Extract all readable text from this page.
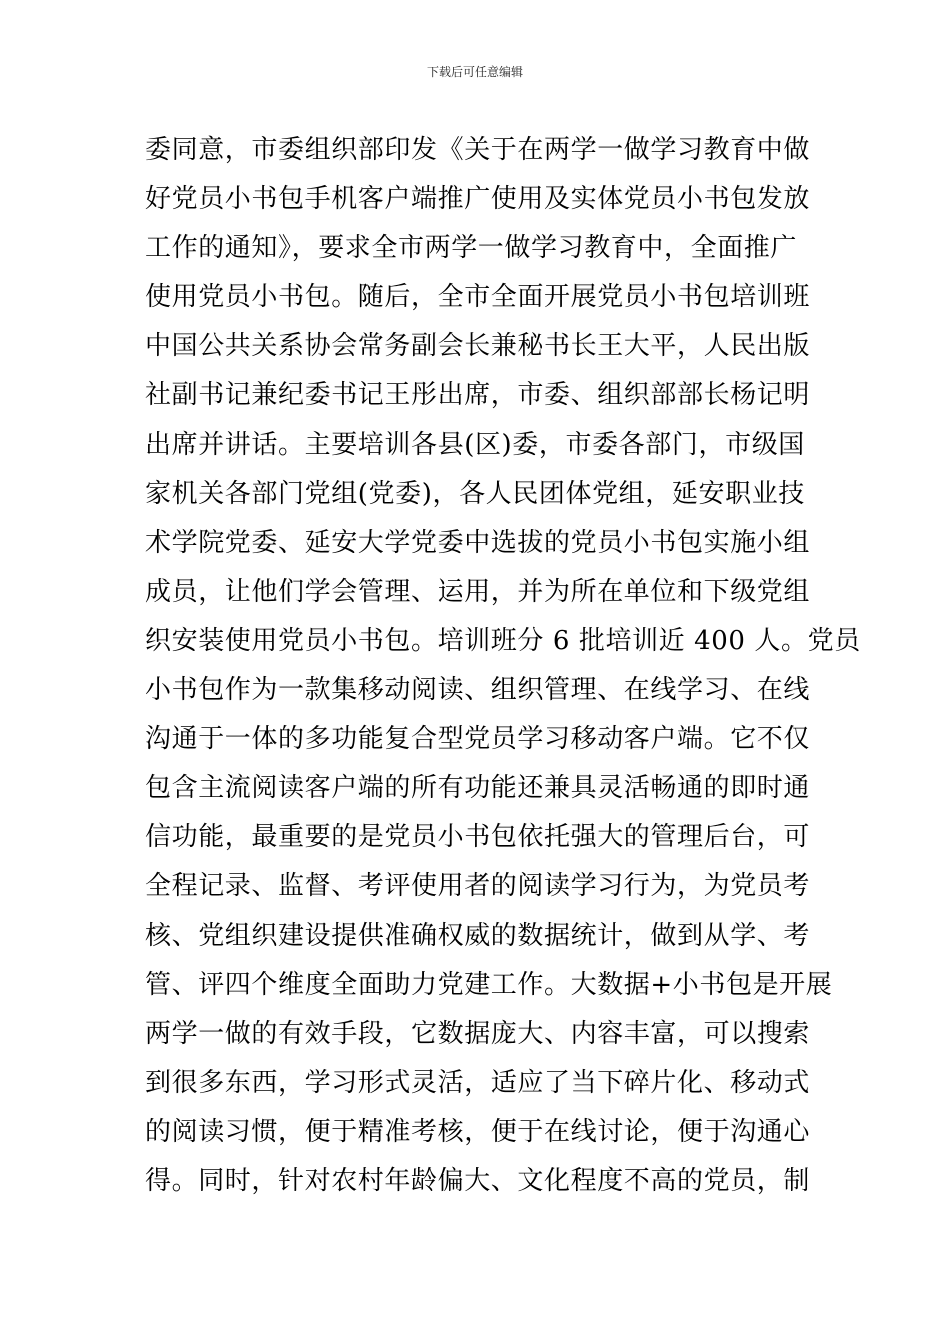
下载后可任意编辑
委同意，市委组织部印发《关于在两学一做学习教育中做
好党员小书包手机客户端推广使用及实体党员小书包发放
工作的通知》，要求全市两学一做学习教育中，全面推广
使用党员小书包。随后，全市全面开展党员小书包培训班
中国公共关系协会常务副会长兼秘书长王大平，人民出版
社副书记兼纪委书记王彤出席，市委、组织部部长杨记明
出席并讲话。主要培训各县(区)委，市委各部门，市级国
家机关各部门党组(党委)，各人民团体党组，延安职业技
术学院党委、延安大学党委中选拔的党员小书包实施小组
成员，让他们学会管理、运用，并为所在单位和下级党组
织安装使用党员小书包。培训班分 6 批培训近 400 人。党员
小书包作为一款集移动阅读、组织管理、在线学习、在线
沟通于一体的多功能复合型党员学习移动客户端。它不仅
包含主流阅读客户端的所有功能还兼具灵活畅通的即时通
信功能，最重要的是党员小书包依托强大的管理后台，可
全程记录、监督、考评使用者的阅读学习行为，为党员考
核、党组织建设提供准确权威的数据统计，做到从学、考
管、评四个维度全面助力党建工作。大数据+小书包是开展
两学一做的有效手段，它数据庞大、内容丰富，可以搜索
到很多东西，学习形式灵活，适应了当下碎片化、移动式
的阅读习惯，便于精准考核，便于在线讨论，便于沟通心
得。同时，针对农村年龄偏大、文化程度不高的党员，制
